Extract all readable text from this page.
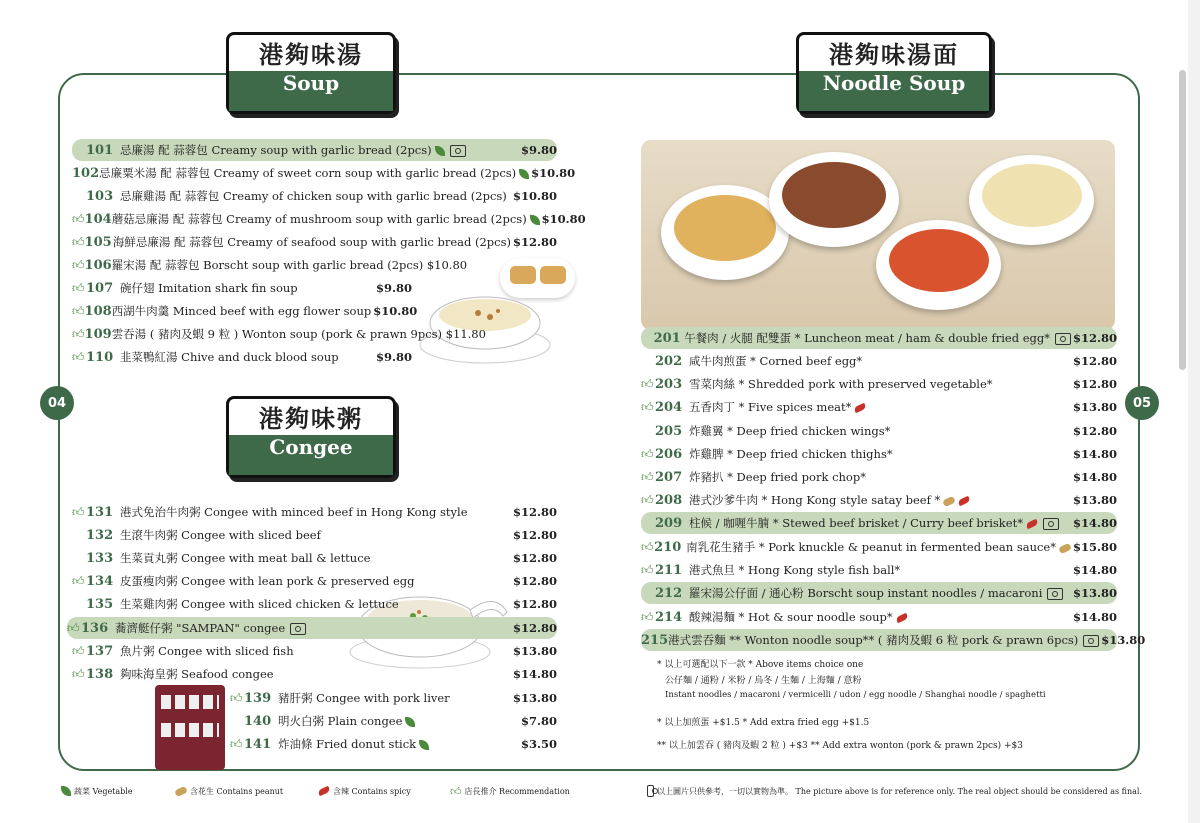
04	05
港夠味湯
Soup
港夠味粥
Congee
港夠味湯面
Noodle Soup
101 忌廉湯 配 蒜蓉包 Creamy soup with garlic bread (2pcs)	$9.80
102 忌廉粟米湯 配 蒜蓉包 Creamy of sweet corn soup with garlic bread (2pcs)	$10.80
103 忌廉雞湯 配 蒜蓉包 Creamy of chicken soup with garlic bread (2pcs) $10.80
👍︎ 104 蘑菇忌廉湯 配 蒜蓉包 Creamy of mushroom soup with garlic bread (2pcs)	$10.80
👍︎ 105 海鮮忌廉湯 配 蒜蓉包 Creamy of seafood soup with garlic bread (2pcs) $12.80
👍︎ 106 羅宋湯 配 蒜蓉包 Borscht soup with garlic bread (2pcs) $10.80
👍︎ 107 碗仔翅 Imitation shark fin soup	$9.80
👍︎ 108 西湖牛肉羹 Minced beef with egg flower soup $10.80
👍︎ 109 雲吞湯 ( 豬肉及蝦 9 粒 ) Wonton soup (pork & prawn 9pcs) $11.80
👍︎ 110 韭菜鴨紅湯 Chive and duck blood soup	$9.80
👍︎ 131 港式免治牛肉粥 Congee with minced beef in Hong Kong style	$12.80
132 生滾牛肉粥 Congee with sliced beef	$12.80
133 生菜貢丸粥 Congee with meat ball & lettuce	$12.80
👍︎ 134 皮蛋瘦肉粥 Congee with lean pork & preserved egg	$12.80
135 生菜雞肉粥 Congee with sliced chicken & lettuce	$12.80
👍︎ 136 蕎濟艇仔粥 "SAMPAN" congee	$12.80
👍︎ 137 魚片粥 Congee with sliced fish	$13.80
👍︎ 138 夠味海皇粥 Seafood congee	$14.80
👍︎ 139 豬肝粥 Congee with pork liver	$13.80
140 明火白粥 Plain congee	$7.80
👍︎ 141 炸油條 Fried donut stick	$3.50
201 午餐肉 / 火腿 配雙蛋 * Luncheon meat / ham & double fried egg*	$12.80
202 咸牛肉煎蛋 * Corned beef egg*	$12.80
👍︎ 203 雪菜肉絲 * Shredded pork with preserved vegetable*	$12.80
👍︎ 204 五香肉丁 * Five spices meat*	$13.80
205 炸雞翼 * Deep fried chicken wings*	$12.80
👍︎ 206 炸雞脾 * Deep fried chicken thighs*	$14.80
👍︎ 207 炸豬扒 * Deep fried pork chop*	$14.80
👍︎ 208 港式沙爹牛肉 * Hong Kong style satay beef *	$13.80
209 柱候 / 咖喱牛腩 * Stewed beef brisket / Curry beef brisket*	$14.80
👍︎ 210 南乳花生豬手 * Pork knuckle & peanut in fermented bean sauce*	$15.80
👍︎ 211 港式魚旦 * Hong Kong style fish ball*	$14.80
212 羅宋湯公仔面 / 通心粉 Borscht soup instant noodles / macaroni	$13.80
👍︎ 214 酸辣湯麵 * Hot & sour noodle soup*	$14.80
215 港式雲吞麵 ** Wonton noodle soup** ( 豬肉及蝦 6 粒 pork & prawn 6pcs)	$13.80
* 以上可選配以下一款 * Above items choice one
公仔麵 / 通粉 / 米粉 / 烏冬 / 生麵 / 上海麵 / 意粉
Instant noodles / macaroni / vermicelli / udon / egg noodle / Shanghai noodle / spaghetti
* 以上加煎蛋 +$1.5 * Add extra fried egg +$1.5
** 以上加雲吞 ( 豬肉及蝦 2 粒 ) +$3 ** Add extra wonton (pork & prawn 2pcs) +$3
蔬菜 Vegetable	含花生 Contains peanut	含辣 Contains spicy	👍︎ 店長推介 Recommendation	以上圖片只供參考，一切以實物為準。 The picture above is for reference only. The real object should be considered as final.
